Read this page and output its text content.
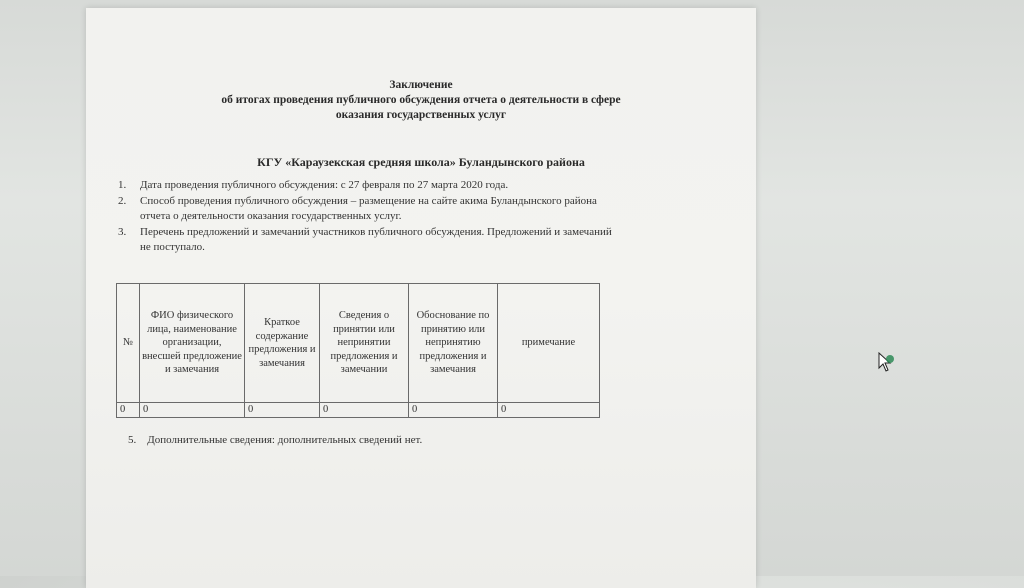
Заключение
об итогах проведения публичного обсуждения отчета о деятельности в сфере
оказания государственных услуг
КГУ «Караузекская средняя школа» Буландынского района
1. Дата проведения публичного обсуждения: с 27 февраля по 27 марта 2020 года.
2. Способ проведения публичного обсуждения – размещение на сайте акима Буландынского района отчета о деятельности оказания государственных услуг.
3. Перечень предложений и замечаний участников публичного обсуждения. Предложений и замечаний не поступало.
№	ФИО физического лица, наименование организации, внесшей предложение и замечания	Краткое содержание предложения и замечания	Сведения о принятии или непринятии предложения и замечании	Обоснование по принятию или непринятию предложения и замечания	примечание
0	0	0	0	0	0
5. Дополнительные сведения: дополнительных сведений нет.
